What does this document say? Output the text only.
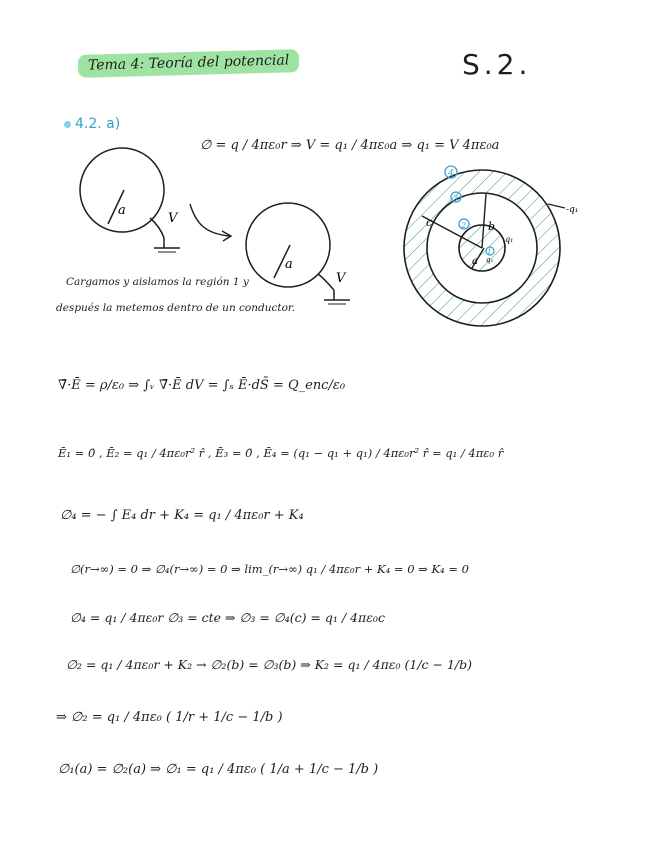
Tema 4: Teoría del potencial	S.2.
4.2. a)
∅ = q / 4πε₀r ⇒ V = q₁ / 4πε₀a ⇒ q₁ = V 4πε₀a
a
V
a
V
4
3
2
1
a
b
c
-q₁
q₁
q₁
Cargamos y aislamos la región 1 y
después la metemos dentro de un conductor.
∇̄·Ē = ρ/ε₀ ⇒ ∫ᵥ ∇̄·Ē dV = ∫ₛ Ē·dS̄ = Q_enc/ε₀
Ē₁ = 0̄ , Ē₂ = q₁ / 4πε₀r² r̂ , Ē₃ = 0̄ , Ē₄ = (q₁ − q₁ + q₁) / 4πε₀r² r̂ = q₁ / 4πε₀ r̂
∅₄ = − ∫ E₄ dr + K₄ = q₁ / 4πε₀r + K₄
∅(r→∞) = 0 ⇒ ∅₄(r→∞) = 0 ⇒ lim_(r→∞) q₁ / 4πε₀r + K₄ = 0 ⇒ K₄ = 0
∅₄ = q₁ / 4πε₀r ∅₃ = cte ⇒ ∅₃ = ∅₄(c) = q₁ / 4πε₀c
∅₂ = q₁ / 4πε₀r + K₂ → ∅₂(b) = ∅₃(b) ⇒ K₂ = q₁ / 4πε₀ (1/c − 1/b)
⇒ ∅₂ = q₁ / 4πε₀ ( 1/r + 1/c − 1/b )
∅₁(a) = ∅₂(a) ⇒ ∅₁ = q₁ / 4πε₀ ( 1/a + 1/c − 1/b )
